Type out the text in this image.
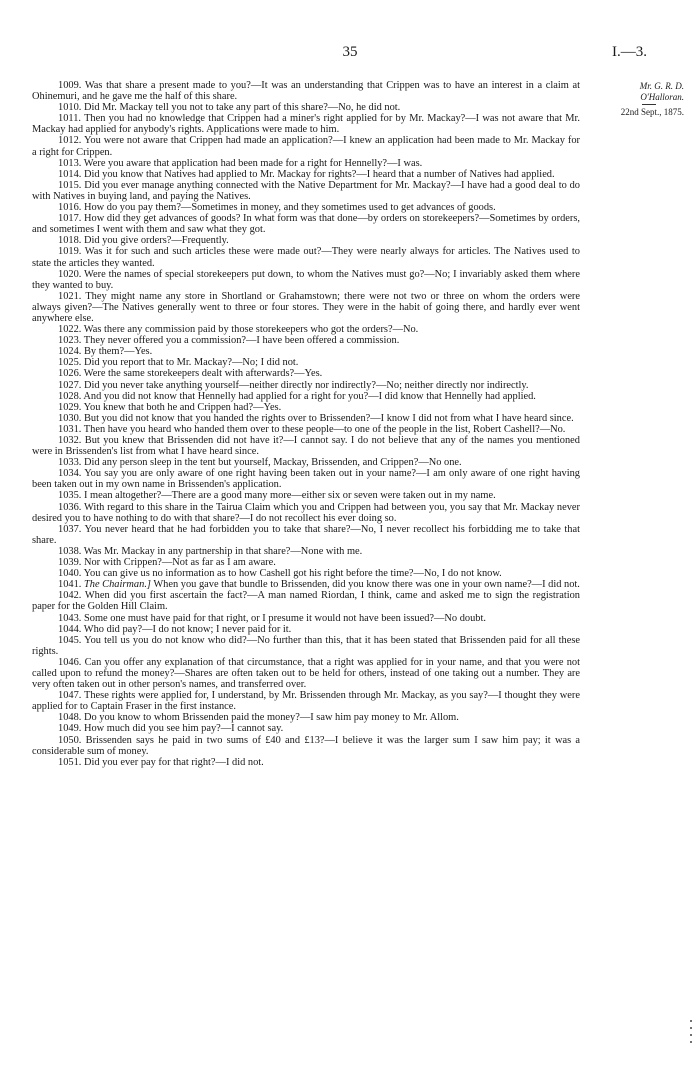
35	I.—3.
Mr. G. R. D.
O'Halloran.
22nd Sept., 1875.

1009. Was that share a present made to you?—It was an understanding that Crippen was to have an interest in a claim at Ohinemuri, and he gave me the half of this share.

1010. Did Mr. Mackay tell you not to take any part of this share?—No, he did not.

1011. Then you had no knowledge that Crippen had a miner's right applied for by Mr. Mackay?—I was not aware that Mr. Mackay had applied for anybody's rights. Applications were made to him.

1012. You were not aware that Crippen had made an application?—I knew an application had been made to Mr. Mackay for a right for Crippen.

1013. Were you aware that application had been made for a right for Hennelly?—I was.

1014. Did you know that Natives had applied to Mr. Mackay for rights?—I heard that a number of Natives had applied.

1015. Did you ever manage anything connected with the Native Department for Mr. Mackay?—I have had a good deal to do with Natives in buying land, and paying the Natives.

1016. How do you pay them?—Sometimes in money, and they sometimes used to get advances of goods.

1017. How did they get advances of goods? In what form was that done—by orders on storekeepers?—Sometimes by orders, and sometimes I went with them and saw what they got.

1018. Did you give orders?—Frequently.

1019. Was it for such and such articles these were made out?—They were nearly always for articles. The Natives used to state the articles they wanted.

1020. Were the names of special storekeepers put down, to whom the Natives must go?—No; I invariably asked them where they wanted to buy.

1021. They might name any store in Shortland or Grahamstown; there were not two or three on whom the orders were always given?—The Natives generally went to three or four stores. They were in the habit of going there, and hardly ever went anywhere else.

1022. Was there any commission paid by those storekeepers who got the orders?—No.

1023. They never offered you a commission?—I have been offered a commission.

1024. By them?—Yes.

1025. Did you report that to Mr. Mackay?—No; I did not.

1026. Were the same storekeepers dealt with afterwards?—Yes.

1027. Did you never take anything yourself—neither directly nor indirectly?—No; neither directly nor indirectly.

1028. And you did not know that Hennelly had applied for a right for you?—I did know that Hennelly had applied.

1029. You knew that both he and Crippen had?—Yes.

1030. But you did not know that you handed the rights over to Brissenden?—I know I did not from what I have heard since.

1031. Then have you heard who handed them over to these people—to one of the people in the list, Robert Cashell?—No.

1032. But you knew that Brissenden did not have it?—I cannot say. I do not believe that any of the names you mentioned were in Brissenden's list from what I have heard since.

1033. Did any person sleep in the tent but yourself, Mackay, Brissenden, and Crippen?—No one.

1034. You say you are only aware of one right having been taken out in your name?—I am only aware of one right having been taken out in my own name in Brissenden's application.

1035. I mean altogether?—There are a good many more—either six or seven were taken out in my name.

1036. With regard to this share in the Tairua Claim which you and Crippen had between you, you say that Mr. Mackay never desired you to have nothing to do with that share?—I do not recollect his ever doing so.

1037. You never heard that he had forbidden you to take that share?—No, I never recollect his forbidding me to take that share.

1038. Was Mr. Mackay in any partnership in that share?—None with me.

1039. Nor with Crippen?—Not as far as I am aware.

1040. You can give us no information as to how Cashell got his right before the time?—No, I do not know.

1041. The Chairman.] When you gave that bundle to Brissenden, did you know there was one in your own name?—I did not.

1042. When did you first ascertain the fact?—A man named Riordan, I think, came and asked me to sign the registration paper for the Golden Hill Claim.

1043. Some one must have paid for that right, or I presume it would not have been issued?—No doubt.

1044. Who did pay?—I do not know; I never paid for it.

1045. You tell us you do not know who did?—No further than this, that it has been stated that Brissenden paid for all these rights.

1046. Can you offer any explanation of that circumstance, that a right was applied for in your name, and that you were not called upon to refund the money?—Shares are often taken out to be held for others, instead of one taking out a number. They are very often taken out in other person's names, and transferred over.

1047. These rights were applied for, I understand, by Mr. Brissenden through Mr. Mackay, as you say?—I thought they were applied for to Captain Fraser in the first instance.

1048. Do you know to whom Brissenden paid the money?—I saw him pay money to Mr. Allom.

1049. How much did you see him pay?—I cannot say.

1050. Brissenden says he paid in two sums of £40 and £13?—I believe it was the larger sum I saw him pay; it was a considerable sum of money.

1051. Did you ever pay for that right?—I did not.
